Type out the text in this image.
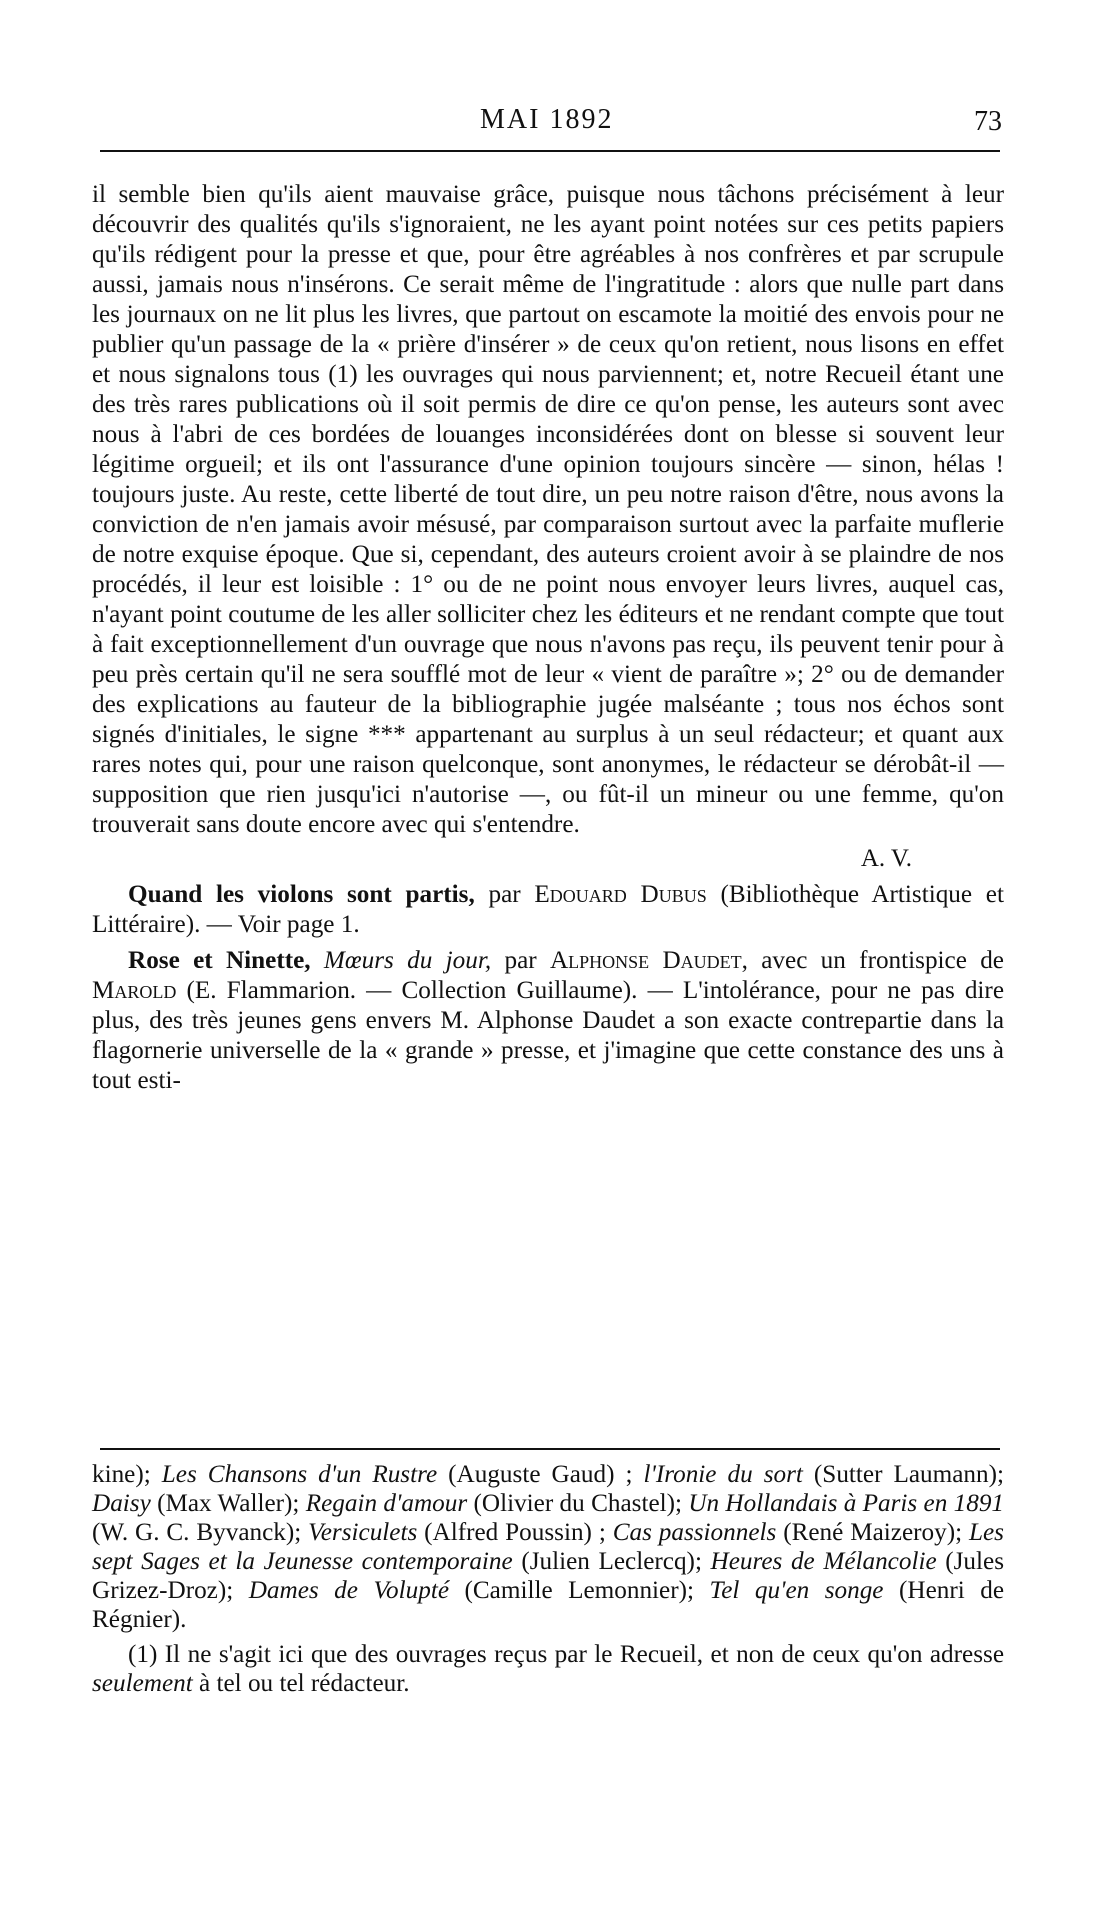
MAI 1892	73

il semble bien qu'ils aient mauvaise grâce, puisque nous tâchons précisément à leur découvrir des qualités qu'ils s'ignoraient, ne les ayant point notées sur ces petits papiers qu'ils rédigent pour la presse et que, pour être agréables à nos confrères et par scrupule aussi, jamais nous n'insérons. Ce serait même de l'ingratitude : alors que nulle part dans les journaux on ne lit plus les livres, que partout on escamote la moitié des envois pour ne publier qu'un passage de la « prière d'insérer » de ceux qu'on retient, nous lisons en effet et nous signalons tous (1) les ouvrages qui nous parviennent; et, notre Recueil étant une des très rares publications où il soit permis de dire ce qu'on pense, les auteurs sont avec nous à l'abri de ces bordées de louanges inconsidérées dont on blesse si souvent leur légitime orgueil; et ils ont l'assurance d'une opinion toujours sincère — sinon, hélas ! toujours juste. Au reste, cette liberté de tout dire, un peu notre raison d'être, nous avons la conviction de n'en jamais avoir mésusé, par comparaison surtout avec la parfaite muflerie de notre exquise époque. Que si, cependant, des auteurs croient avoir à se plaindre de nos procédés, il leur est loisible : 1° ou de ne point nous envoyer leurs livres, auquel cas, n'ayant point coutume de les aller solliciter chez les éditeurs et ne rendant compte que tout à fait exceptionnellement d'un ouvrage que nous n'avons pas reçu, ils peuvent tenir pour à peu près certain qu'il ne sera soufflé mot de leur « vient de paraître »; 2° ou de demander des explications au fauteur de la bibliographie jugée malséante ; tous nos échos sont signés d'initiales, le signe *** appartenant au surplus à un seul rédacteur; et quant aux rares notes qui, pour une raison quelconque, sont anonymes, le rédacteur se dérobât-il — supposition que rien jusqu'ici n'autorise —, ou fût-il un mineur ou une femme, qu'on trouverait sans doute encore avec qui s'entendre.

A. V.

Quand les violons sont partis, par Edouard Dubus (Bibliothèque Artistique et Littéraire). — Voir page 1.

Rose et Ninette, Mœurs du jour, par Alphonse Daudet, avec un frontispice de Marold (E. Flammarion. — Collection Guillaume). — L'intolérance, pour ne pas dire plus, des très jeunes gens envers M. Alphonse Daudet a son exacte contrepartie dans la flagornerie universelle de la « grande » presse, et j'imagine que cette constance des uns à tout esti-

kine); Les Chansons d'un Rustre (Auguste Gaud) ; l'Ironie du sort (Sutter Laumann); Daisy (Max Waller); Regain d'amour (Olivier du Chastel); Un Hollandais à Paris en 1891 (W. G. C. Byvanck); Versiculets (Alfred Poussin) ; Cas passionnels (René Maizeroy); Les sept Sages et la Jeunesse contemporaine (Julien Leclercq); Heures de Mélancolie (Jules Grizez-Droz); Dames de Volupté (Camille Lemonnier); Tel qu'en songe (Henri de Régnier).

(1) Il ne s'agit ici que des ouvrages reçus par le Recueil, et non de ceux qu'on adresse seulement à tel ou tel rédacteur.
